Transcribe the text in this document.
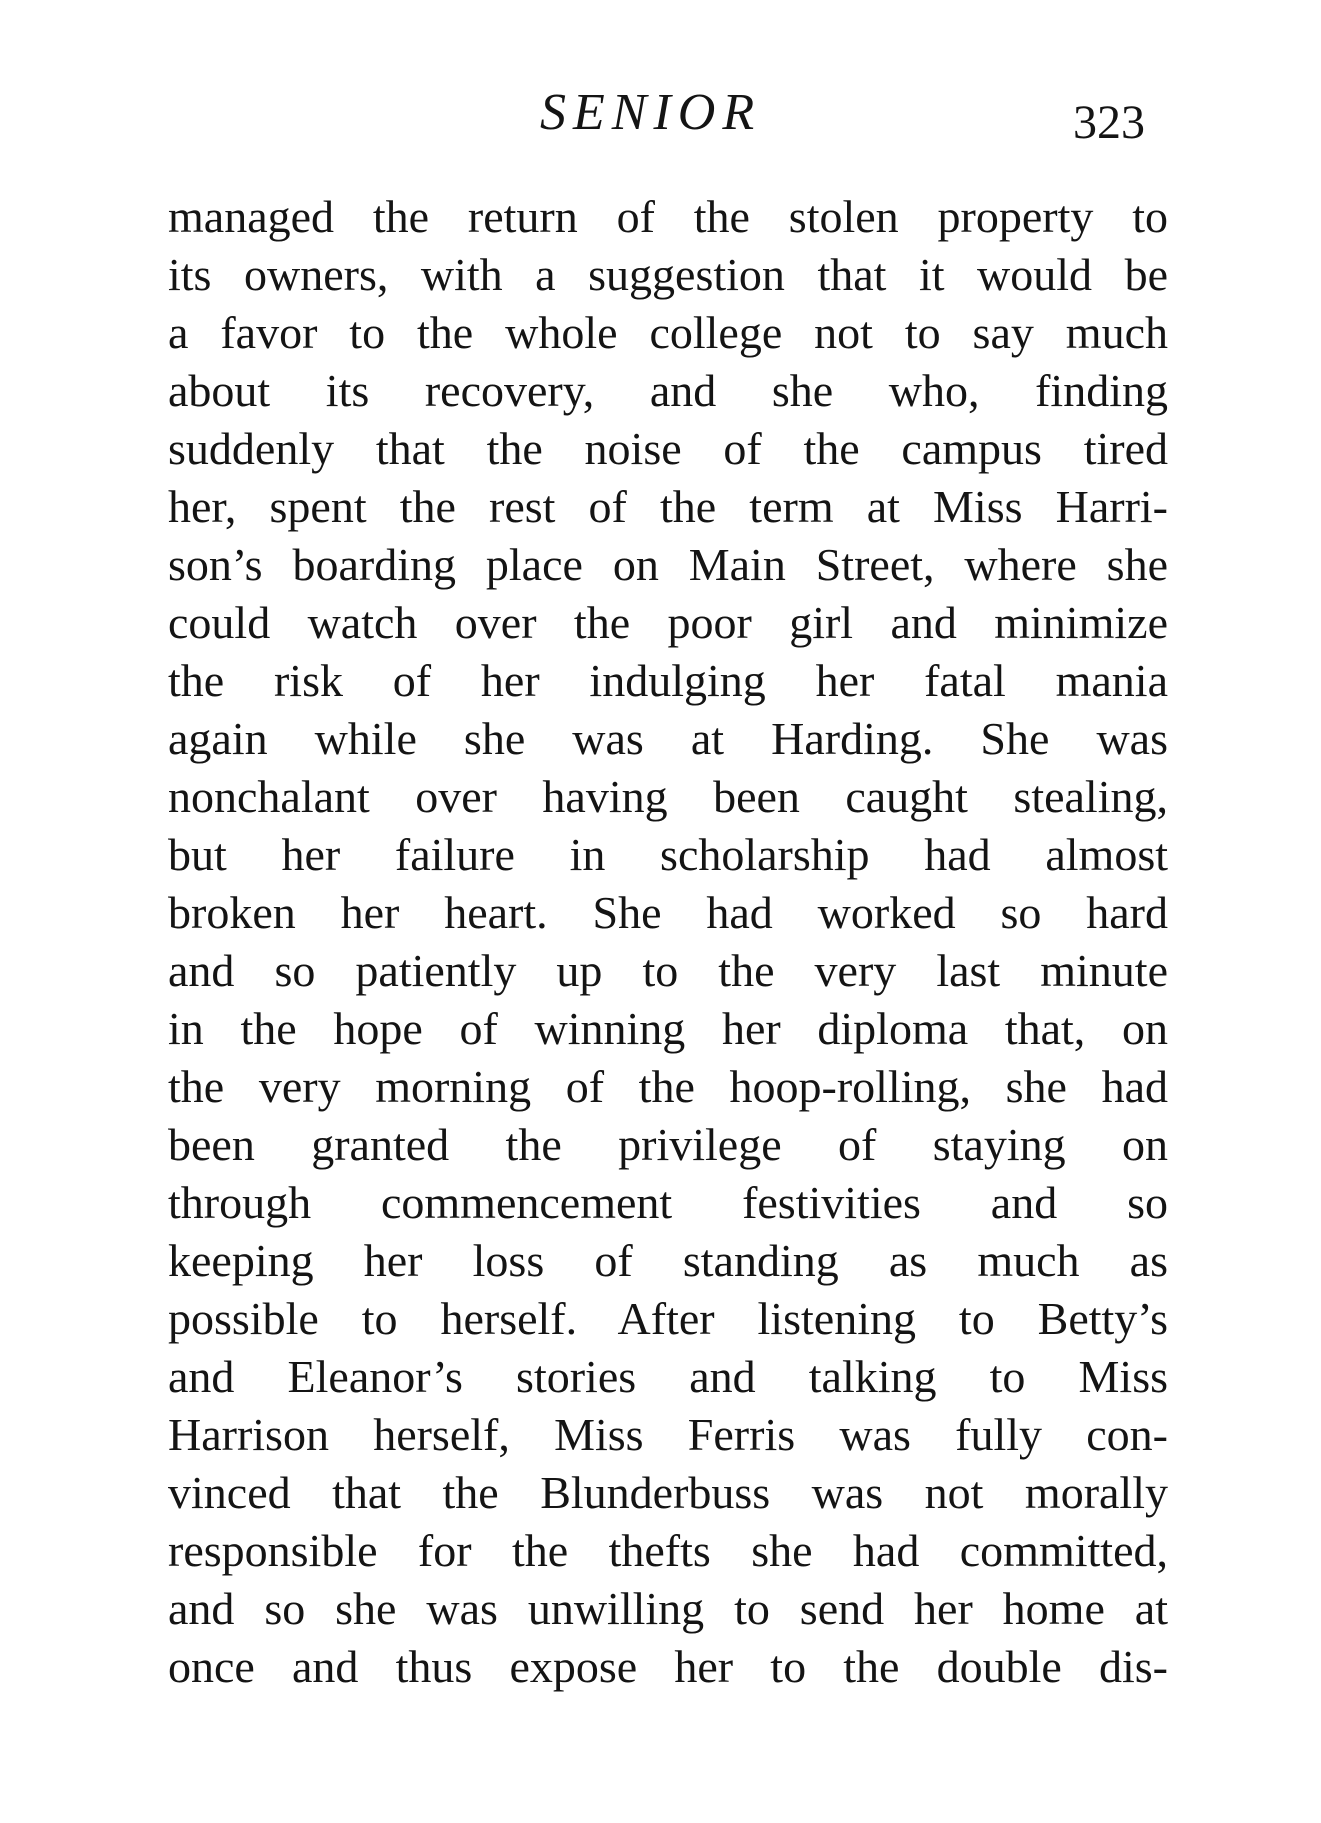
SENIOR	323
managed the return of the stolen property to
its owners, with a suggestion that it would be
a favor to the whole college not to say much
about its recovery, and she who, finding
suddenly that the noise of the campus tired
her, spent the rest of the term at Miss Harri-
son’s boarding place on Main Street, where she
could watch over the poor girl and minimize
the risk of her indulging her fatal mania
again while she was at Harding. She was
nonchalant over having been caught stealing,
but her failure in scholarship had almost
broken her heart. She had worked so hard
and so patiently up to the very last minute
in the hope of winning her diploma that, on
the very morning of the hoop-rolling, she had
been granted the privilege of staying on
through commencement festivities and so
keeping her loss of standing as much as
possible to herself. After listening to Betty’s
and Eleanor’s stories and talking to Miss
Harrison herself, Miss Ferris was fully con-
vinced that the Blunderbuss was not morally
responsible for the thefts she had committed,
and so she was unwilling to send her home at
once and thus expose her to the double dis-
